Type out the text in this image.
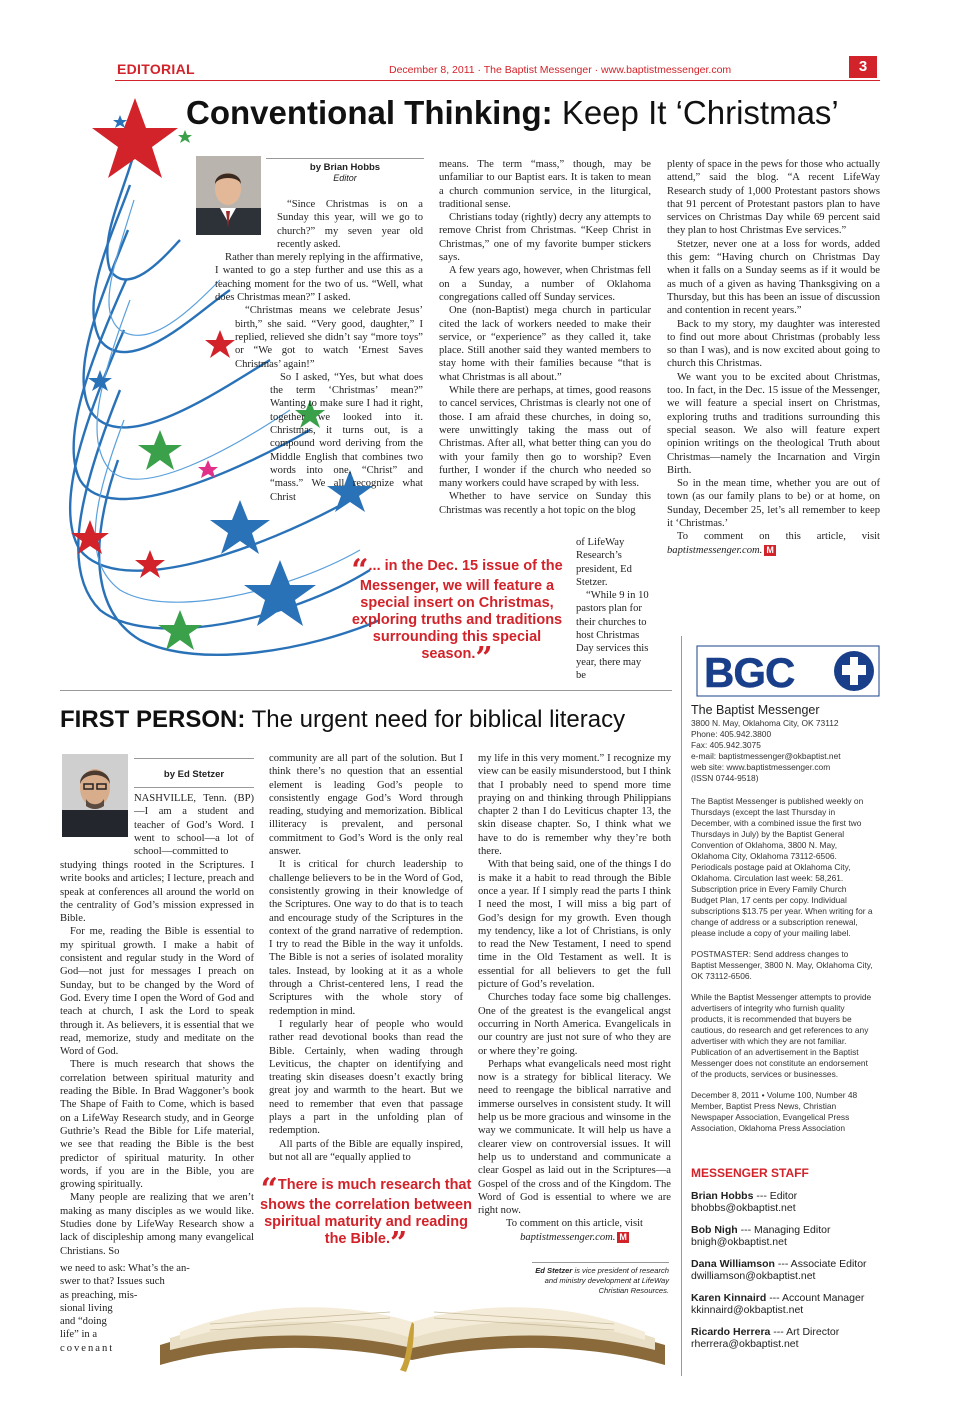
EDITORIAL	December 8, 2011 · The Baptist Messenger · www.baptistmessenger.com	3
Conventional Thinking: Keep It ‘Christmas’
by Brian Hobbs
Editor

“Since Christmas is on a Sunday this year, will we go to church?” my seven year old recently asked.

Rather than merely replying in the affirmative, I wanted to go a step further and use this as a teaching moment for the two of us. “Well, what does Christmas mean?” I asked.

“Christmas means we celebrate Jesus’ birth,” she said. “Very good, daughter,” I replied, relieved she didn’t say “more toys” or “We got to watch ‘Ernest Saves Christmas’ again!”

So I asked, “Yes, but what does the term ‘Christmas’ mean?” Wanting to make sure I had it right, together we looked into it. Christmas, it turns out, is a compound word deriving from the Middle English that combines two words into one, “Christ” and “mass.” We all recognize what Christ

means. The term “mass,” though, may be unfamiliar to our Baptist ears. It is taken to mean a church communion service, in the liturgical, traditional sense.

Christians today (rightly) decry any attempts to remove Christ from Christmas. “Keep Christ in Christmas,” one of my favorite bumper stickers says.

A few years ago, however, when Christmas fell on a Sunday, a number of Oklahoma congregations called off Sunday services.

One (non-Baptist) mega church in particular cited the lack of workers needed to make their service, or “experience” as they called it, take place. Still another said they wanted members to stay home with their families because “that is what Christmas is all about.”

While there are perhaps, at times, good reasons to cancel services, Christmas is clearly not one of those. I am afraid these churches, in doing so, were unwittingly taking the mass out of Christmas. After all, what better thing can you do with your family then go to worship? Even further, I wonder if the church who needed so many workers could have scraped by with less.

Whether to have service on Sunday this Christmas was recently a hot topic on the blog

of LifeWay Research’s president, Ed Stetzer.

“While 9 in 10 pastors plan for their churches to host Christmas Day services this year, there may be

“... in the Dec. 15 issue of the Messenger, we will feature a special insert on Christmas, exploring truths and traditions surrounding this special season.”

plenty of space in the pews for those who actually attend,” said the blog. “A recent LifeWay Research study of 1,000 Protestant pastors shows that 91 percent of Protestant pastors plan to have services on Christmas Day while 69 percent said they plan to host Christmas Eve services.”

Stetzer, never one at a loss for words, added this gem: “Having church on Christmas Day when it falls on a Sunday seems as if it would be as much of a given as having Thanksgiving on a Thursday, but this has been an issue of discussion and contention in recent years.”

Back to my story, my daughter was interested to find out more about Christmas (probably less so than I was), and is now excited about going to church this Christmas.

We want you to be excited about Christmas, too. In fact, in the Dec. 15 issue of the Messenger, we will feature a special insert on Christmas, exploring truths and traditions surrounding this special season. We also will feature expert opinion writings on the theological Truth about Christmas—namely the Incarnation and Virgin Birth.

So in the mean time, whether you are out of town (as our family plans to be) or at home, on Sunday, December 25, let’s all remember to keep it ‘Christmas.’

To comment on this article, visit baptistmessenger.com. M

BGC
FIRST PERSON: The urgent need for biblical literacy
by Ed Stetzer

NASHVILLE, Tenn. (BP)—I am a student and teacher of God’s Word. I went to school—a lot of school—committed to

studying things rooted in the Scriptures. I write books and articles; I lecture, preach and speak at conferences all around the world on the centrality of God’s mission expressed in Bible.

For me, reading the Bible is essential to my spiritual growth. I make a habit of consistent and regular study in the Word of God—not just for messages I preach on Sunday, but to be changed by the Word of God. Every time I open the Word of God and teach at church, I ask the Lord to speak through it. As believers, it is essential that we read, memorize, study and meditate on the Word of God.

There is much research that shows the correlation between spiritual maturity and reading the Bible. In Brad Waggoner’s book The Shape of Faith to Come, which is based on a LifeWay Research study, and in George Guthrie’s Read the Bible for Life material, we see that reading the Bible is the best predictor of spiritual maturity. In other words, if you are in the Bible, you are growing spiritually.

Many people are realizing that we aren’t making as many disciples as we would like. Studies done by LifeWay Research show a lack of discipleship among many evangelical Christians. So

we need to ask: What’s the an-
swer to that? Issues such
as preaching, mis-
sional living
and “doing
life” in a
covenant

community are all part of the solution. But I think there’s no question that an essential element is leading God’s people to consistently engage God’s Word through reading, studying and memorization. Biblical illiteracy is prevalent, and personal commitment to God’s Word is the only real answer.

It is critical for church leadership to challenge believers to be in the Word of God, consistently growing in their knowledge of the Scriptures. One way to do that is to teach and encourage study of the Scriptures in the context of the grand narrative of redemption. I try to read the Bible in the way it unfolds. The Bible is not a series of isolated morality tales. Instead, by looking at it as a whole through a Christ-centered lens, I read the Scriptures with the whole story of redemption in mind.

I regularly hear of people who would rather read devotional books than read the Bible. Certainly, when wading through Leviticus, the chapter on identifying and treating skin diseases doesn’t exactly bring great joy and warmth to the heart. But we need to remember that even that passage plays a part in the unfolding plan of redemption.

All parts of the Bible are equally inspired, but not all are “equally applied to

my life in this very moment.” I recognize my view can be easily misunderstood, but I think that I probably need to spend more time praying on and thinking through Philippians chapter 2 than I do Leviticus chapter 13, the skin disease chapter. So, I think what we have to do is remember why they’re both there.

With that being said, one of the things I do is make it a habit to read through the Bible once a year. If I simply read the parts I think I need the most, I will miss a big part of God’s design for my growth. Even though my tendency, like a lot of Christians, is only to read the New Testament, I need to spend time in the Old Testament as well. It is essential for all believers to get the full picture of God’s revelation.

Churches today face some big challenges. One of the greatest is the evangelical angst occurring in North America. Evangelicals in our country are just not sure of who they are or where they’re going.

Perhaps what evangelicals need most right now is a strategy for biblical literacy. We need to reengage the biblical narrative and immerse ourselves in consistent study. It will help us be more gracious and winsome in the way we communicate. It will help us have a clearer view on controversial issues. It will help us to understand and communicate a clear Gospel as laid out in the Scriptures—a Gospel of the cross and of the Kingdom. The Word of God is essential to where we are right now.

To comment on this article, visit
baptistmessenger.com. M

“There is much research that shows the correlation between spiritual maturity and reading the Bible.”
Ed Stetzer is vice president of research and ministry development at LifeWay Christian Resources.
The Baptist Messenger
3800 N. May, Oklahoma City, OK 73112
Phone: 405.942.3800
Fax: 405.942.3075
e-mail: baptistmessenger@okbaptist.net
web site: www.baptistmessenger.com
(ISSN 0744-9518)
The Baptist Messenger is published weekly on Thursdays (except the last Thursday in December, with a combined issue the first two Thursdays in July) by the Baptist General Convention of Oklahoma, 3800 N. May, Oklahoma City, Oklahoma 73112-6506. Periodicals postage paid at Oklahoma City, Oklahoma. Circulation last week: 58,261. Subscription price in Every Family Church Budget Plan, 17 cents per copy. Individual subscriptions $13.75 per year. When writing for a change of address or a subscription renewal, please include a copy of your mailing label.
POSTMASTER: Send address changes to Baptist Messenger, 3800 N. May, Oklahoma City, OK 73112-6506.
While the Baptist Messenger attempts to provide advertisers of integrity who furnish quality products, it is recommended that buyers be cautious, do research and get references to any advertiser with which they are not familiar. Publication of an advertisement in the Baptist Messenger does not constitute an endorsement of the products, services or businesses.
December 8, 2011 • Volume 100, Number 48
Member, Baptist Press News, Christian Newspaper Association, Evangelical Press Association, Oklahoma Press Association
MESSENGER STAFF
Brian Hobbs --- Editor
bhobbs@okbaptist.net
Bob Nigh --- Managing Editor
bnigh@okbaptist.net
Dana Williamson --- Associate Editor
dwilliamson@okbaptist.net
Karen Kinnaird --- Account Manager
kkinnaird@okbaptist.net
Ricardo Herrera --- Art Director
rherrera@okbaptist.net
